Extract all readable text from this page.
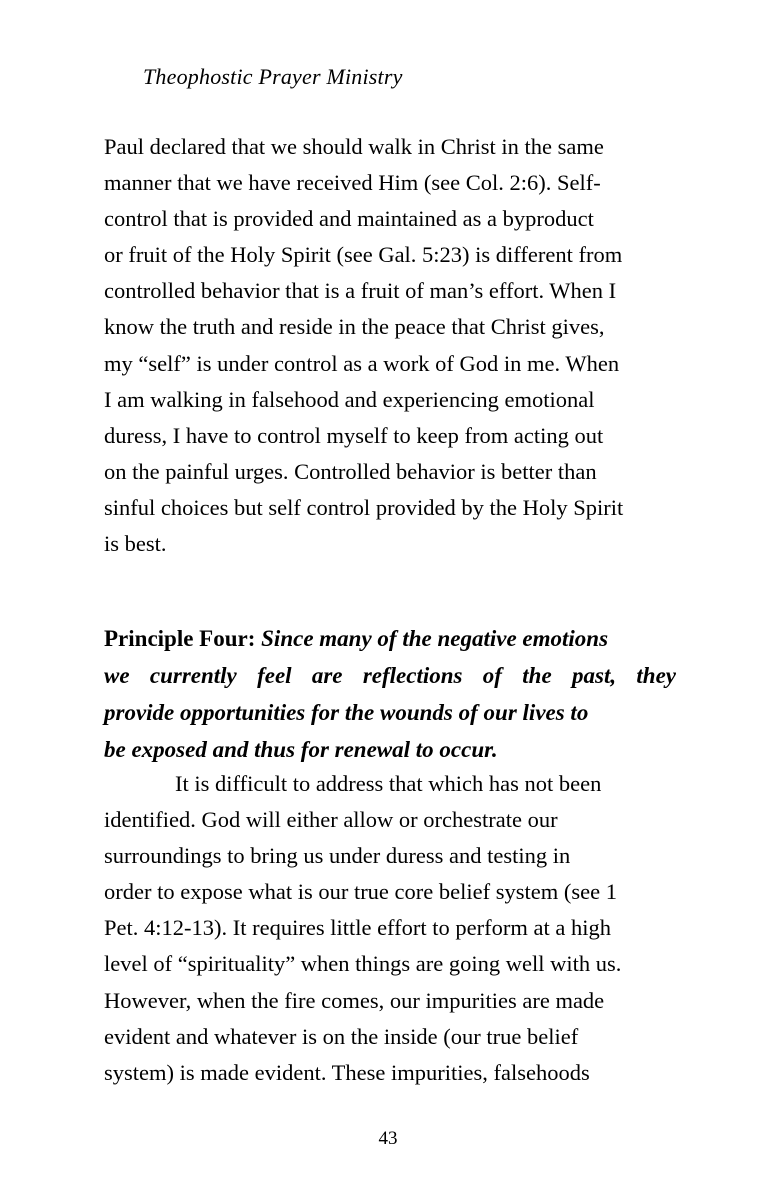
Theophostic Prayer Ministry
Paul declared that we should walk in Christ in the same
manner that we have received Him (see Col. 2:6). Self-
control that is provided and maintained as a byproduct
or fruit of the Holy Spirit (see Gal. 5:23) is different from
controlled behavior that is a fruit of man’s effort. When I
know the truth and reside in the peace that Christ gives,
my “self” is under control as a work of God in me. When
I am walking in falsehood and experiencing emotional
duress, I have to control myself to keep from acting out
on the painful urges. Controlled behavior is better than
sinful choices but self control provided by the Holy Spirit
is best.
Principle Four: Since many of the negative emotions
we currently feel are reflections of the past, they
provide opportunities for the wounds of our lives to
be exposed and thus for renewal to occur.
It is difficult to address that which has not been
identified. God will either allow or orchestrate our
surroundings to bring us under duress and testing in
order to expose what is our true core belief system (see 1
Pet. 4:12-13). It requires little effort to perform at a high
level of “spirituality” when things are going well with us.
However, when the fire comes, our impurities are made
evident and whatever is on the inside (our true belief
system) is made evident. These impurities, falsehoods
43
